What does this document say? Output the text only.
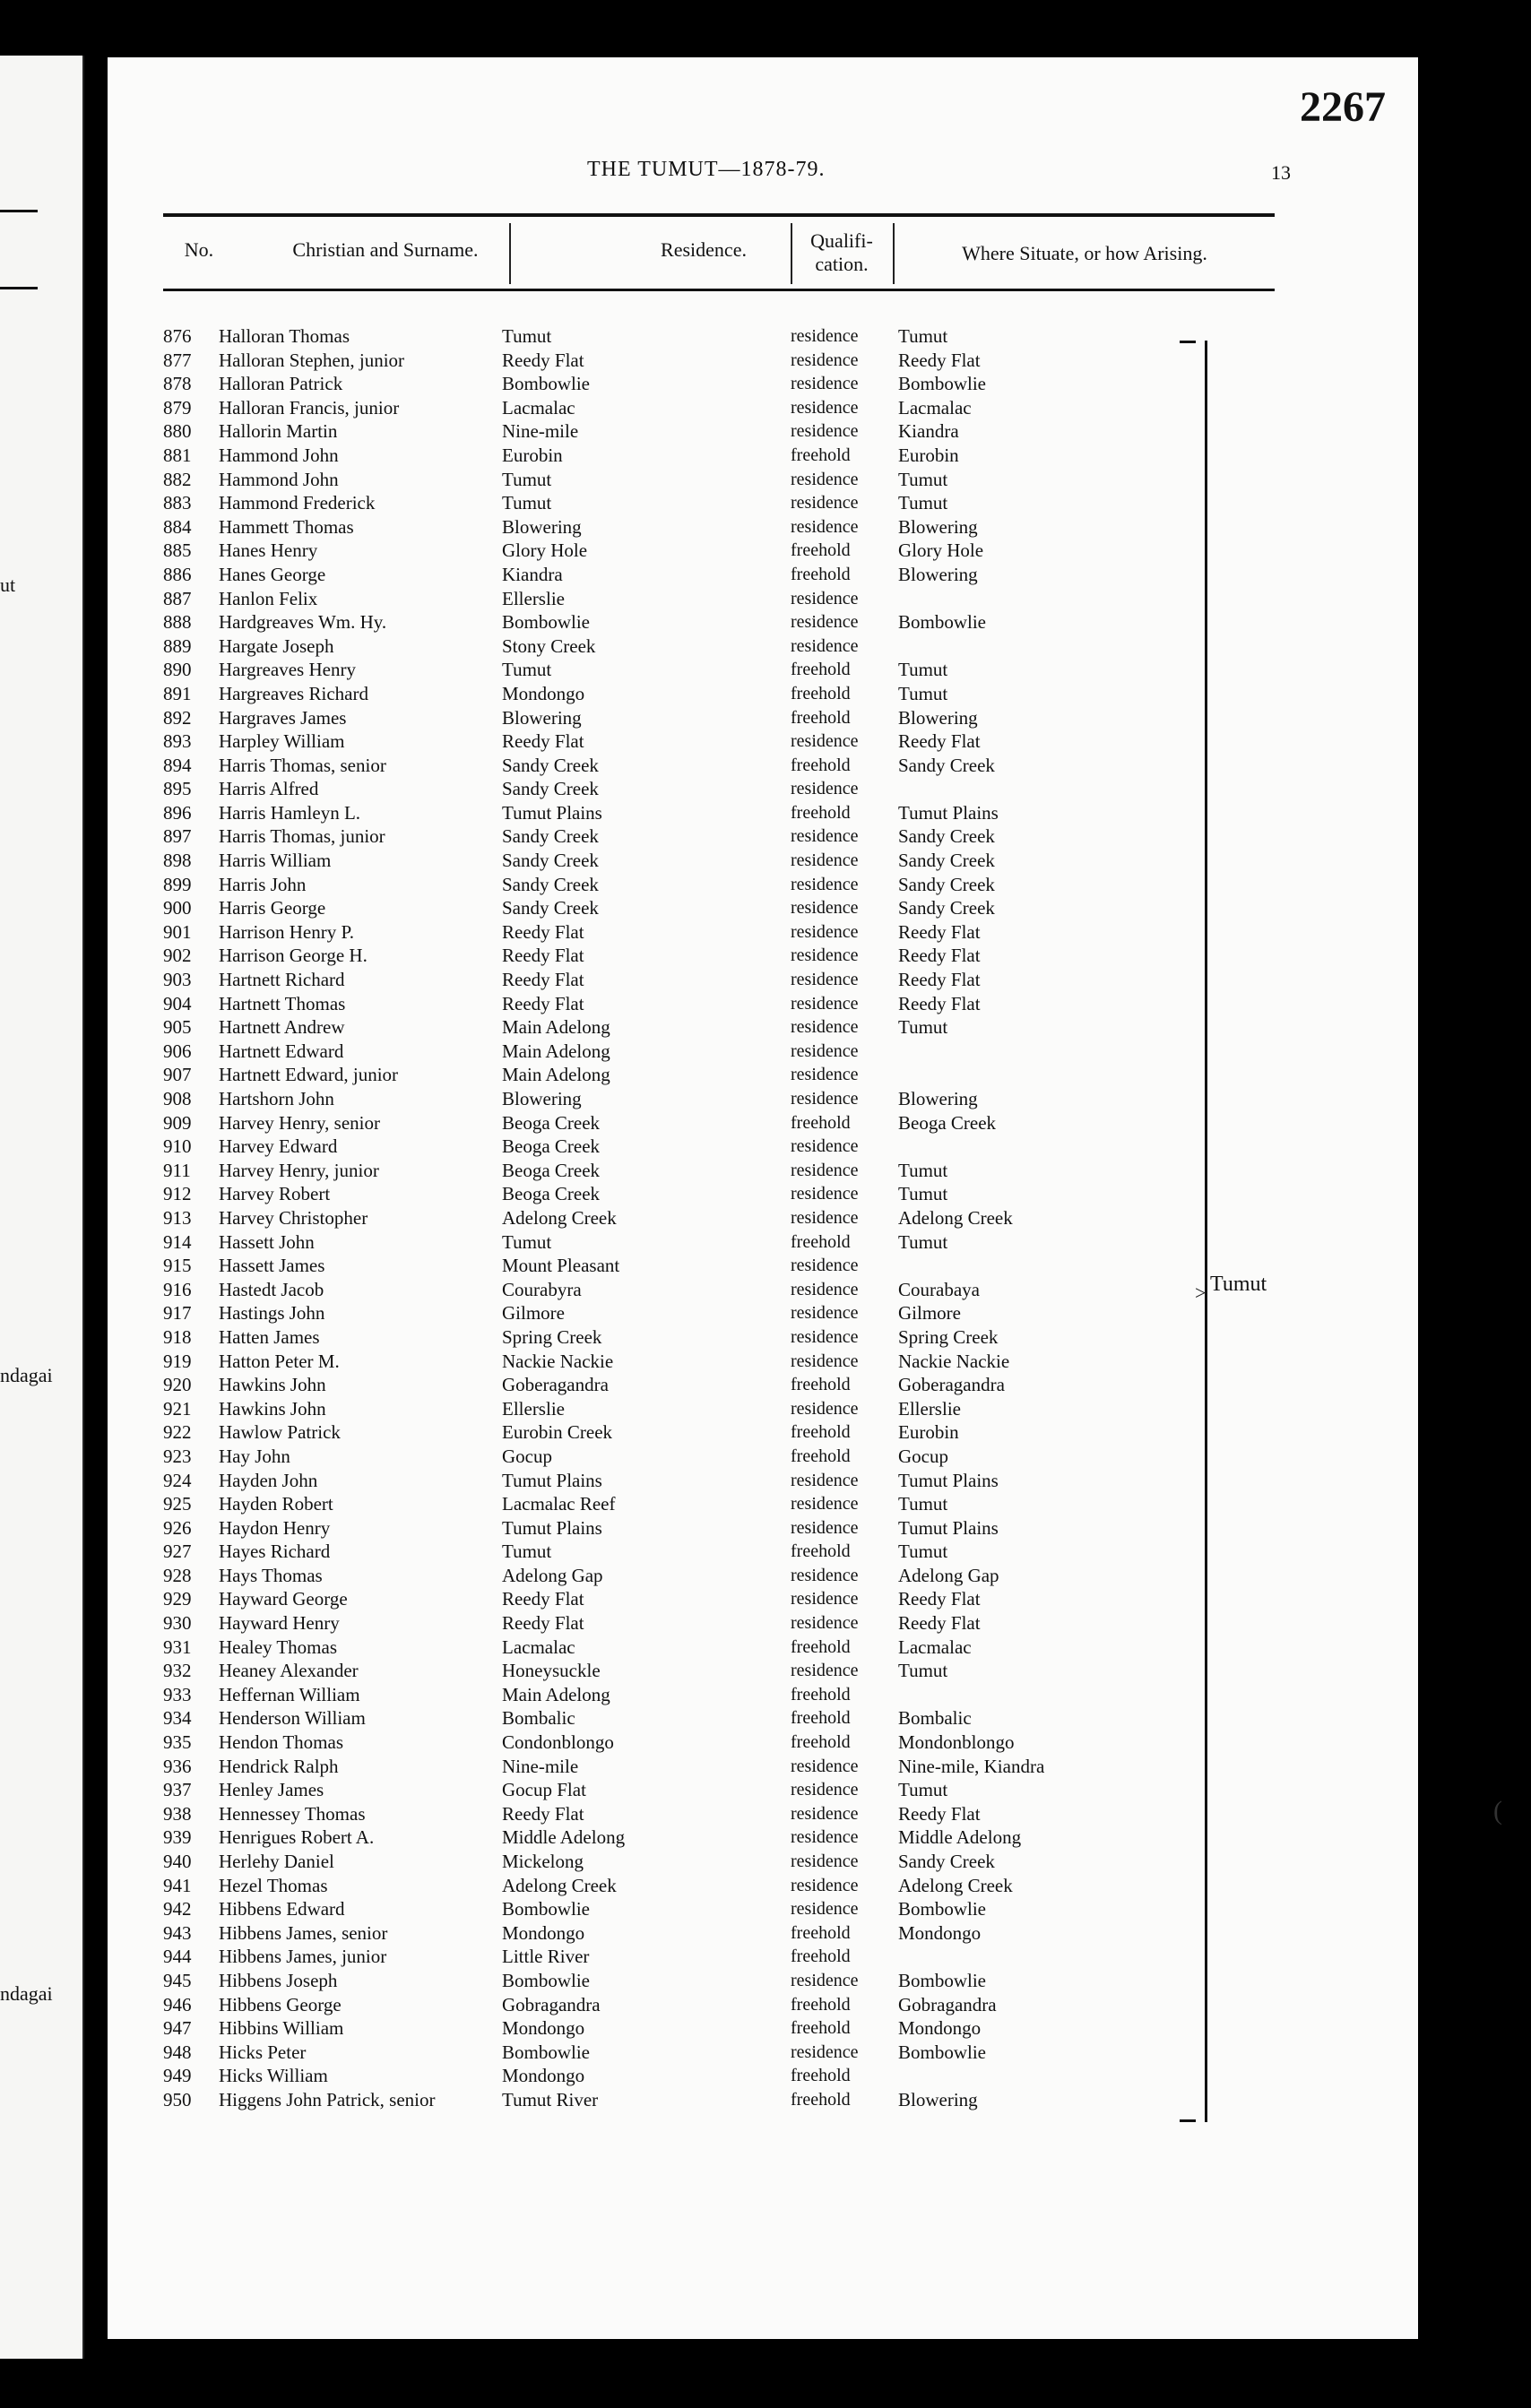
ut
ndagai
ndagai
2267
THE TUMUT—1878-79.	13
No.	Christian and Surname.	Residence.	Qualifi-
cation.	Where Situate, or how Arising.
876	Halloran Thomas	Tumut	residence Tumut
877	Halloran Stephen, junior	Reedy Flat	residence Reedy Flat
878	Halloran Patrick	Bombowlie	residence Bombowlie
879	Halloran Francis, junior	Lacmalac	residence Lacmalac
880	Hallorin Martin	Nine-mile	residence Kiandra
881	Hammond John	Eurobin	freehold	Eurobin
882	Hammond John	Tumut	residence Tumut
883	Hammond Frederick	Tumut	residence Tumut
884	Hammett Thomas	Blowering	residence Blowering
885	Hanes Henry	Glory Hole	freehold	Glory Hole
886	Hanes George	Kiandra	freehold	Blowering
887	Hanlon Felix	Ellerslie	residence
888	Hardgreaves Wm. Hy.	Bombowlie	residence Bombowlie
889	Hargate Joseph	Stony Creek	residence
890	Hargreaves Henry	Tumut	freehold	Tumut
891	Hargreaves Richard	Mondongo	freehold	Tumut
892	Hargraves James	Blowering	freehold	Blowering
893	Harpley William	Reedy Flat	residence Reedy Flat
894	Harris Thomas, senior	Sandy Creek	freehold	Sandy Creek
895	Harris Alfred	Sandy Creek	residence
896	Harris Hamleyn L.	Tumut Plains	freehold	Tumut Plains
897	Harris Thomas, junior	Sandy Creek	residence Sandy Creek
898	Harris William	Sandy Creek	residence Sandy Creek
899	Harris John	Sandy Creek	residence Sandy Creek
900	Harris George	Sandy Creek	residence Sandy Creek
901	Harrison Henry P.	Reedy Flat	residence Reedy Flat
902	Harrison George H.	Reedy Flat	residence Reedy Flat
903	Hartnett Richard	Reedy Flat	residence Reedy Flat
904	Hartnett Thomas	Reedy Flat	residence Reedy Flat
905	Hartnett Andrew	Main Adelong	residence Tumut
906	Hartnett Edward	Main Adelong	residence
907	Hartnett Edward, junior	Main Adelong	residence
908	Hartshorn John	Blowering	residence Blowering
909	Harvey Henry, senior	Beoga Creek	freehold	Beoga Creek
910	Harvey Edward	Beoga Creek	residence
911	Harvey Henry, junior	Beoga Creek	residence Tumut
912	Harvey Robert	Beoga Creek	residence Tumut
913	Harvey Christopher	Adelong Creek	residence Adelong Creek
914	Hassett John	Tumut	freehold	Tumut
915	Hassett James	Mount Pleasant	residence
916	Hastedt Jacob	Courabyra	residence Courabaya
917	Hastings John	Gilmore	residence Gilmore
918	Hatten James	Spring Creek	residence Spring Creek
919	Hatton Peter M.	Nackie Nackie	residence Nackie Nackie
920	Hawkins John	Goberagandra	freehold	Goberagandra
921	Hawkins John	Ellerslie	residence Ellerslie
922	Hawlow Patrick	Eurobin Creek	freehold	Eurobin
923	Hay John	Gocup	freehold	Gocup
924	Hayden John	Tumut Plains	residence Tumut Plains
925	Hayden Robert	Lacmalac Reef	residence Tumut
926	Haydon Henry	Tumut Plains	residence Tumut Plains
927	Hayes Richard	Tumut	freehold	Tumut
928	Hays Thomas	Adelong Gap	residence Adelong Gap
929	Hayward George	Reedy Flat	residence Reedy Flat
930	Hayward Henry	Reedy Flat	residence Reedy Flat
931	Healey Thomas	Lacmalac	freehold	Lacmalac
932	Heaney Alexander	Honeysuckle	residence Tumut
933	Heffernan William	Main Adelong	freehold
934	Henderson William	Bombalic	freehold	Bombalic
935	Hendon Thomas	Condonblongo	freehold	Mondonblongo
936	Hendrick Ralph	Nine-mile	residence Nine-mile, Kiandra
937	Henley James	Gocup Flat	residence Tumut
938	Hennessey Thomas	Reedy Flat	residence Reedy Flat
939	Henrigues Robert A.	Middle Adelong	residence Middle Adelong
940	Herlehy Daniel	Mickelong	residence Sandy Creek
941	Hezel Thomas	Adelong Creek	residence Adelong Creek
942	Hibbens Edward	Bombowlie	residence Bombowlie
943	Hibbens James, senior	Mondongo	freehold	Mondongo
944	Hibbens James, junior	Little River	freehold
945	Hibbens Joseph	Bombowlie	residence Bombowlie
946	Hibbens George	Gobragandra	freehold	Gobragandra
947	Hibbins William	Mondongo	freehold	Mondongo
948	Hicks Peter	Bombowlie	residence Bombowlie
949	Hicks William	Mondongo	freehold
950	Higgens John Patrick, senior	Tumut River	freehold	Blowering
> Tumut
(
